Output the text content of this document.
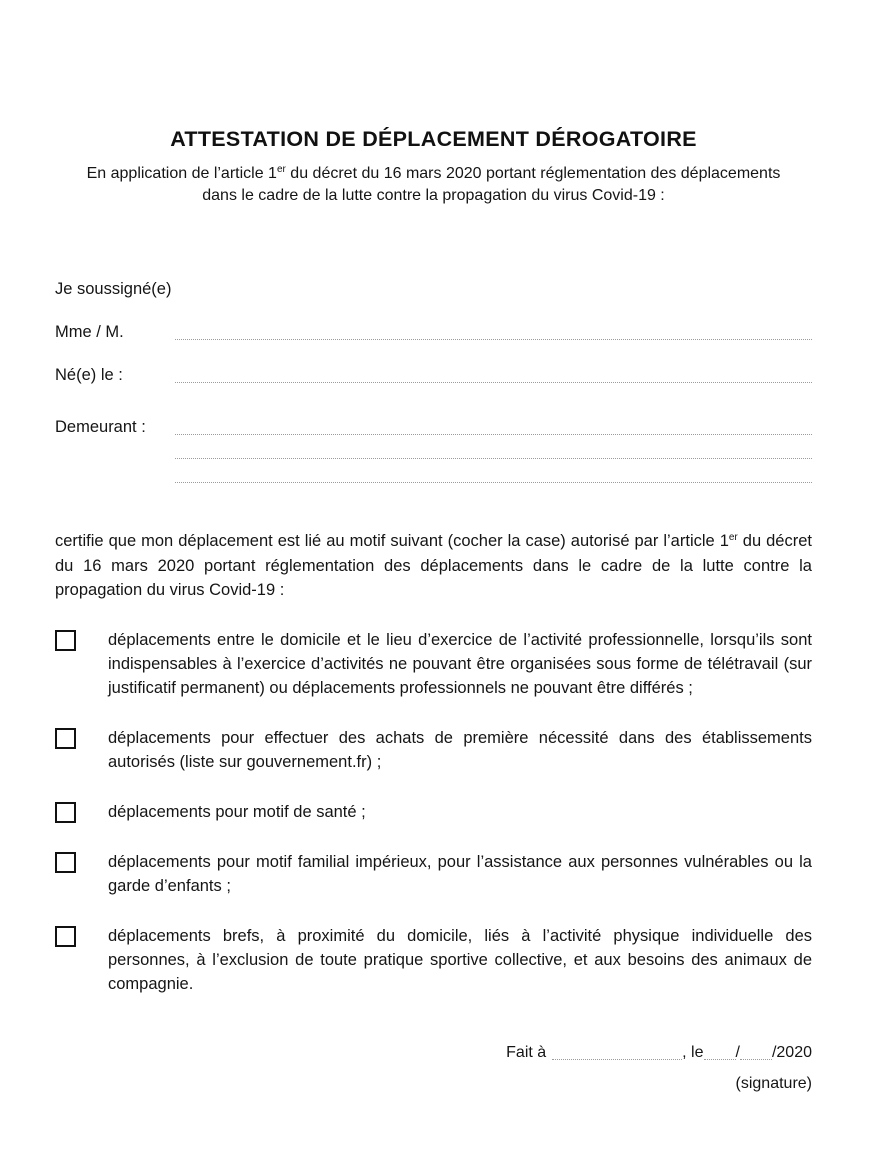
ATTESTATION DE DÉPLACEMENT DÉROGATOIRE

En application de l’article 1er du décret du 16 mars 2020 portant réglementation des déplacements dans le cadre de la lutte contre la propagation du virus Covid-19 :

Je soussigné(e)

Mme / M.
Né(e) le :
Demeurant :

certifie que mon déplacement est lié au motif suivant (cocher la case) autorisé par l’article 1er du décret du 16 mars 2020 portant réglementation des déplacements dans le cadre de la lutte contre la propagation du virus Covid-19 :

déplacements entre le domicile et le lieu d’exercice de l’activité professionnelle, lorsqu’ils sont indispensables à l’exercice d’activités ne pouvant être organisées sous forme de télétravail (sur justificatif permanent) ou déplacements professionnels ne pouvant être différés ;

déplacements pour effectuer des achats de première nécessité dans des établissements autorisés (liste sur gouvernement.fr) ;

déplacements pour motif de santé ;

déplacements pour motif familial impérieux, pour l’assistance aux personnes vulnérables ou la garde d’enfants ;

déplacements brefs, à proximité du domicile, liés à l’activité physique individuelle des personnes, à l’exclusion de toute pratique sportive collective, et aux besoins des animaux de compagnie.

Fait à	, le / /2020
(signature)
